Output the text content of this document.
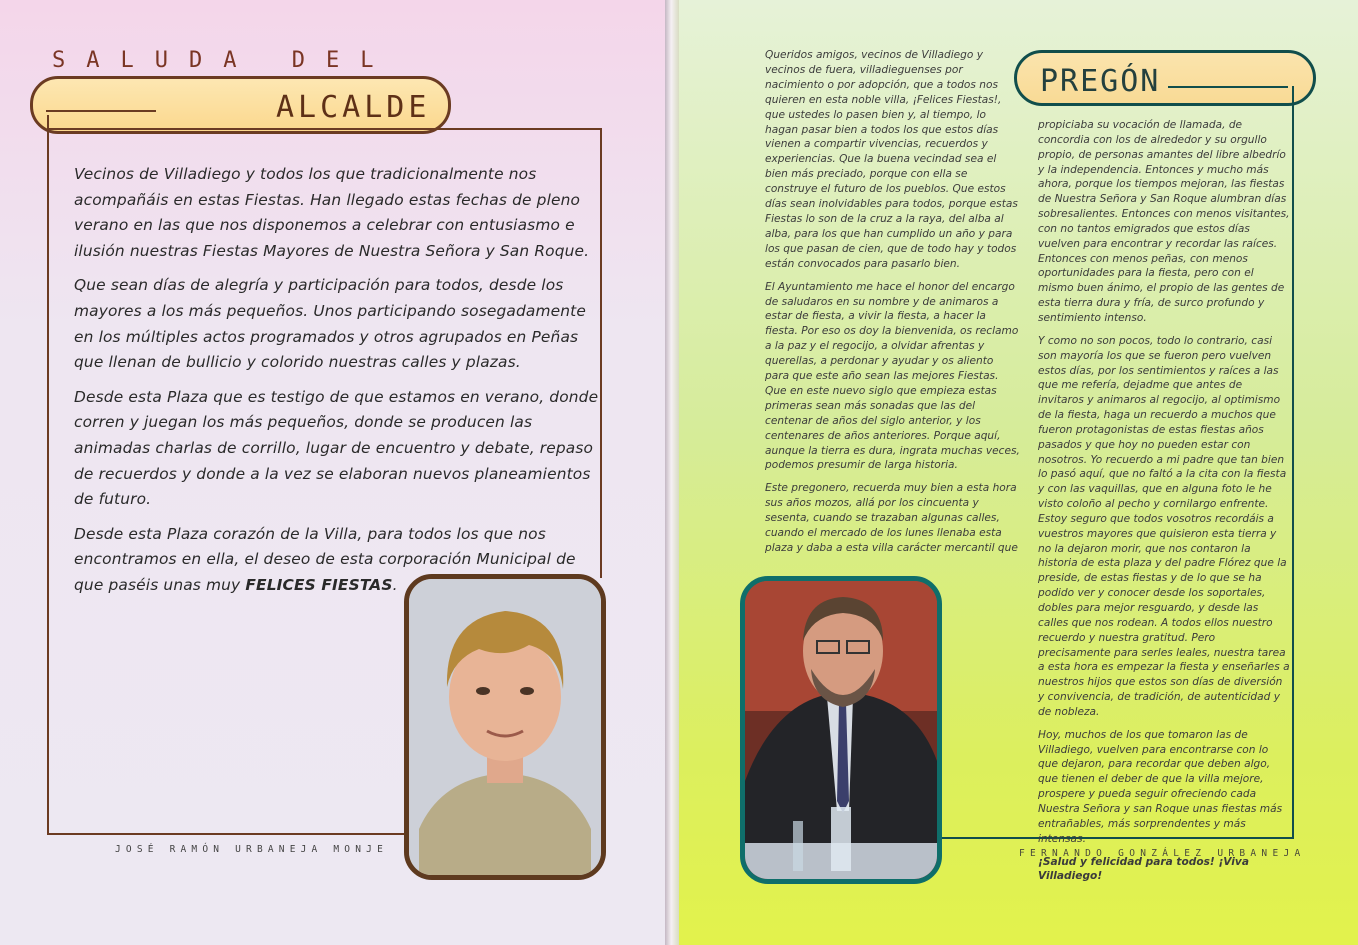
SALUDA DEL
ALCALDE

Vecinos de Villadiego y todos los que tradicionalmente nos acompañáis en estas Fiestas. Han llegado estas fechas de pleno verano en las que nos disponemos a celebrar con entusiasmo e ilusión nuestras Fiestas Mayores de Nuestra Señora y San Roque.

Que sean días de alegría y participación para todos, desde los mayores a los más pequeños. Unos participando sosegadamente en los múltiples actos programados y otros agrupados en Peñas que llenan de bullicio y colorido nuestras calles y plazas.

Desde esta Plaza que es testigo de que estamos en verano, donde corren y juegan los más pequeños, donde se producen las animadas charlas de corrillo, lugar de encuentro y debate, repaso de recuerdos y donde a la vez se elaboran nuevos planeamientos de futuro.

Desde esta Plaza corazón de la Villa, para todos los que nos encontramos en ella, el deseo de esta corporación Municipal de que paséis unas muy FELICES FIESTAS.

JOSÉ RAMÓN URBANEJA MONJE

Queridos amigos, vecinos de Villadiego y vecinos de fuera, villadieguenses por nacimiento o por adopción, que a todos nos quieren en esta noble villa, ¡Felices Fiestas!, que ustedes lo pasen bien y, al tiempo, lo hagan pasar bien a todos los que estos días vienen a compartir vivencias, recuerdos y experiencias. Que la buena vecindad sea el bien más preciado, porque con ella se construye el futuro de los pueblos. Que estos días sean inolvidables para todos, porque estas Fiestas lo son de la cruz a la raya, del alba al alba, para los que han cumplido un año y para los que pasan de cien, que de todo hay y todos están convocados para pasarlo bien.

El Ayuntamiento me hace el honor del encargo de saludaros en su nombre y de animaros a estar de fiesta, a vivir la fiesta, a hacer la fiesta. Por eso os doy la bienvenida, os reclamo a la paz y el regocijo, a olvidar afrentas y querellas, a perdonar y ayudar y os aliento para que este año sean las mejores Fiestas. Que en este nuevo siglo que empieza estas primeras sean más sonadas que las del centenar de años del siglo anterior, y los centenares de años anteriores. Porque aquí, aunque la tierra es dura, ingrata muchas veces, podemos presumir de larga historia.

Este pregonero, recuerda muy bien a esta hora sus años mozos, allá por los cincuenta y sesenta, cuando se trazaban algunas calles, cuando el mercado de los lunes llenaba esta plaza y daba a esta villa carácter mercantil que

PREGÓN

propiciaba su vocación de llamada, de concordia con los de alrededor y su orgullo propio, de personas amantes del libre albedrío y la independencia. Entonces y mucho más ahora, porque los tiempos mejoran, las fiestas de Nuestra Señora y San Roque alumbran días sobresalientes. Entonces con menos visitantes, con no tantos emigrados que estos días vuelven para encontrar y recordar las raíces. Entonces con menos peñas, con menos oportunidades para la fiesta, pero con el mismo buen ánimo, el propio de las gentes de esta tierra dura y fría, de surco profundo y sentimiento intenso.

Y como no son pocos, todo lo contrario, casi son mayoría los que se fueron pero vuelven estos días, por los sentimientos y raíces a las que me refería, dejadme que antes de invitaros y animaros al regocijo, al optimismo de la fiesta, haga un recuerdo a muchos que fueron protagonistas de estas fiestas años pasados y que hoy no pueden estar con nosotros. Yo recuerdo a mi padre que tan bien lo pasó aquí, que no faltó a la cita con la fiesta y con las vaquillas, que en alguna foto le he visto coloño al pecho y cornilargo enfrente. Estoy seguro que todos vosotros recordáis a vuestros mayores que quisieron esta tierra y no la dejaron morir, que nos contaron la historia de esta plaza y del padre Flórez que la preside, de estas fiestas y de lo que se ha podido ver y conocer desde los soportales, dobles para mejor resguardo, y desde las calles que nos rodean. A todos ellos nuestro recuerdo y nuestra gratitud. Pero precisamente para serles leales, nuestra tarea a esta hora es empezar la fiesta y enseñarles a nuestros hijos que estos son días de diversión y convivencia, de tradición, de autenticidad y de nobleza.

Hoy, muchos de los que tomaron las de Villadiego, vuelven para encontrarse con lo que dejaron, para recordar que deben algo, que tienen el deber de que la villa mejore, prospere y pueda seguir ofreciendo cada Nuestra Señora y san Roque unas fiestas más entrañables, más sorprendentes y más intensas.

¡Salud y felicidad para todos! ¡Viva Villadiego!

FERNANDO GONZÁLEZ URBANEJA
